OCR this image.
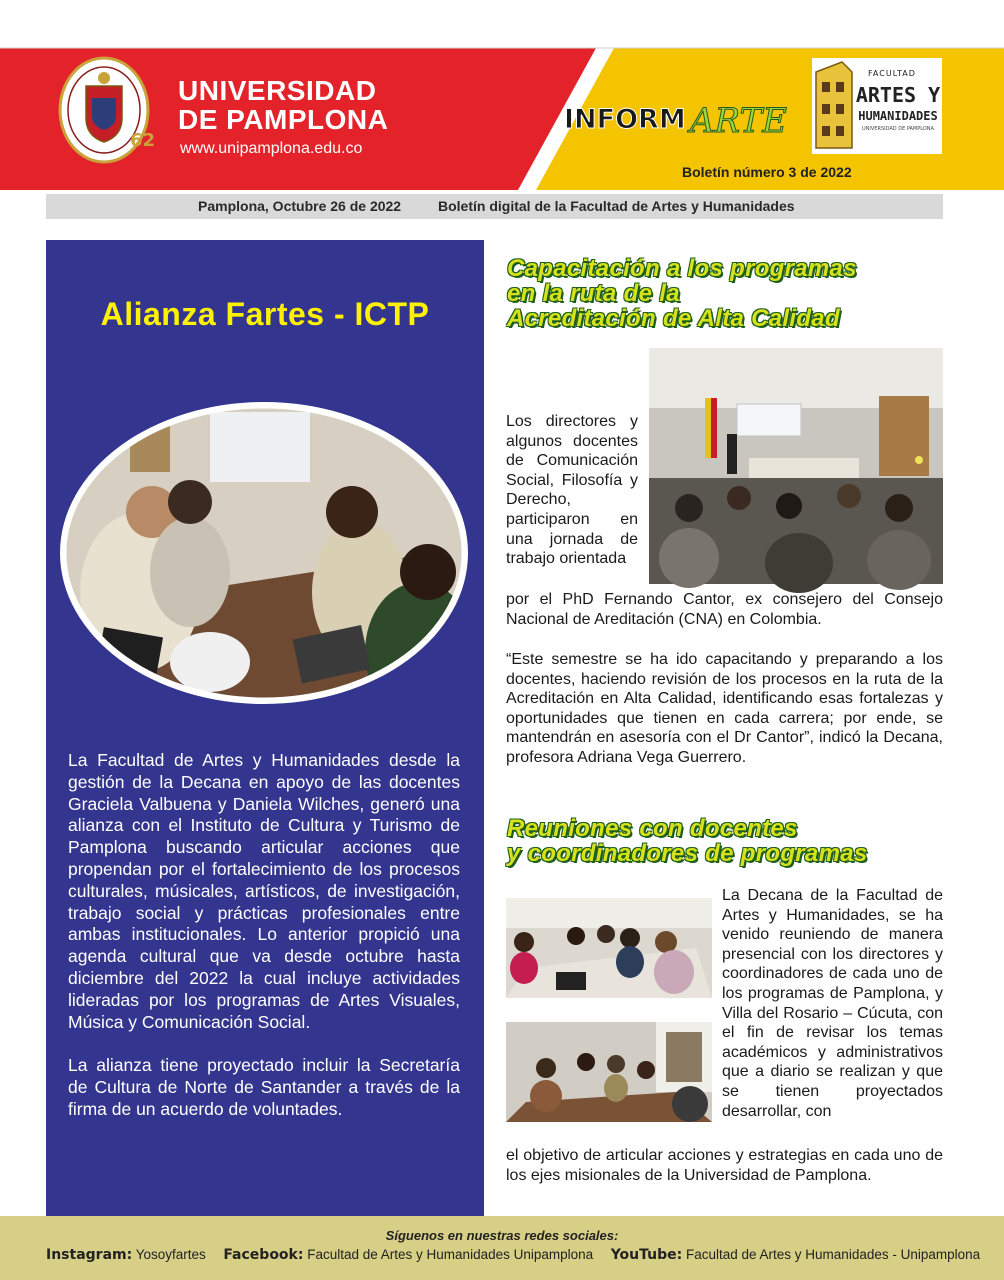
62
UNIVERSIDAD
DE PAMPLONA
www.unipamplona.edu.co
INFORM ARTE
FACULTAD
ARTES Y
HUMANIDADES
UNIVERSIDAD DE PAMPLONA
Boletín número 3 de 2022
Pamplona, Octubre 26 de 2022	Boletín digital de la Facultad de Artes y Humanidades
Alianza Fartes - ICTP

La Facultad de Artes y Humanidades desde la gestión de la Decana en apoyo de las docentes Graciela Valbuena y Daniela Wilches, generó una alianza con el Instituto de Cultura y Turismo de Pamplona buscando articular acciones que propendan por el fortalecimiento de los procesos culturales, músicales, artísticos, de investigación, trabajo social y prácticas profesionales entre ambas institucionales. Lo anterior propició una agenda cultural que va desde octubre hasta diciembre del 2022 la cual incluye actividades lideradas por los programas de Artes Visuales, Música y Comunicación Social.

La alianza tiene proyectado incluir la Secretaría de Cultura de Norte de Santander a través de la firma de un acuerdo de voluntades.

Capacitación a los programas
en la ruta de la
Acreditación de Alta Calidad
Los directores y algunos docentes de Comunicación Social, Filosofía y Derecho, participaron en una jornada de trabajo orientada
por el PhD Fernando Cantor, ex consejero del Consejo Nacional de Areditación (CNA) en Colombia.
“Este semestre se ha ido capacitando y preparando a los docentes, haciendo revisión de los procesos en la ruta de la Acreditación en Alta Calidad, identificando esas fortalezas y oportunidades que tienen en cada carrera; por ende, se mantendrán en asesoría con el Dr Cantor”, indicó la Decana, profesora Adriana Vega Guerrero.
Reuniones con docentes
y coordinadores de programas
La Decana de la Facultad de Artes y Humanidades, se ha venido reuniendo de manera presencial con los directores y coordinadores de cada uno de los programas de Pamplona, y Villa del Rosario – Cúcuta, con el fin de revisar los temas académicos y administrativos que a diario se realizan y que se tienen proyectados desarrollar, con
el objetivo de articular acciones y estrategias en cada uno de los ejes misionales de la Universidad de Pamplona.
Síguenos en nuestras redes sociales:
Instagram: Yosoyfartes Facebook: Facultad de Artes y Humanidades Unipamplona YouTube: Facultad de Artes y Humanidades - Unipamplona
